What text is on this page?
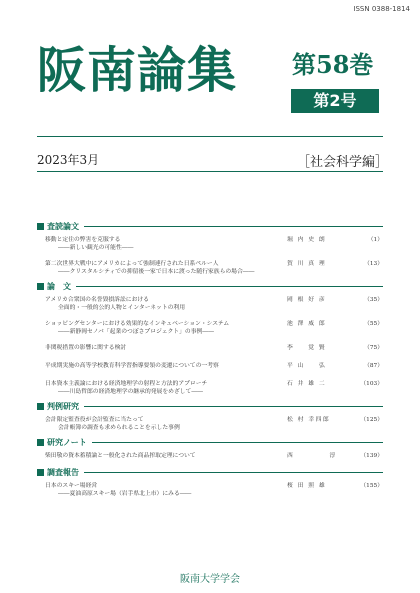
ISSN 0388-1814
阪南論集 第58巻
第2号
2023年3月	［社会科学編］
査読論文
移動と定住の弊害を克服する
――新しい観光の可能性――
堀 内 史 朗	（1）
第二次世界大戦中にアメリカによって強制連行された日系ペルー人
――クリスタルシティでの抑留後一家で日本に渡った随行家族らの場合――
賀 川 真 理	（13）
論　文
アメリカ合衆国の名誉毀損訴訟における
全面的・一般的公的人物とインターネットの利用
岡 根 好 彦	（35）
ショッピングセンターにおける効果的なインキュベーション・システム
――新静岡セノバ「起業のつぼさプロジェクト」の事例――
池 澤 威 郎	（55）
非関税措置の影響に関する検討	李 　 覚 賢	（75）
平成期実施の高等学校教育科学習指導要領の変遷についての一考察	平 山 　 弘	（87）
日本資本主義論における経済地理学の射程と方法的アプローチ
――川島哲郎の経済地理学の継承的発展をめざして――
石 井 雄 二	（103）
判例研究
会計限定監査役が会計監査に当たって
会計帳簿の調査も求められることを示した事例
松 村 幸四郎	（125）
研究ノート
柴田敬の資本蓄積論と一般化された商品搾取定理について	西 　 　 　 淳	（139）
調査報告
日本のスキー場経営
――夏油高原スキー場（岩手県北上市）にみる――
桜 田 照 雄	（155）
阪南大学学会
